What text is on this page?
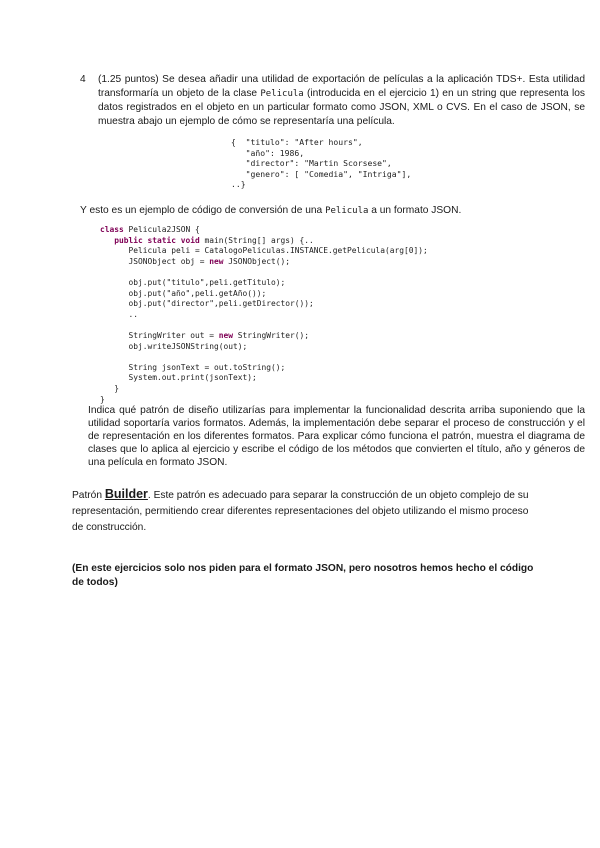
4 (1.25 puntos) Se desea añadir una utilidad de exportación de películas a la aplicación TDS+. Esta utilidad transformaría un objeto de la clase Pelicula (introducida en el ejercicio 1) en un string que representa los datos registrados en el objeto en un particular formato como JSON, XML o CVS. En el caso de JSON, se muestra abajo un ejemplo de cómo se representaría una película.
{  "titulo": "After hours",
"año": 1986,
"director": "Martin Scorsese",
"genero": [ "Comedia", "Intriga"],
..}
Y esto es un ejemplo de código de conversión de una Pelicula a un formato JSON.
class Pelicula2JSON {
public static void main(String[] args) {..
Pelicula peli = CatalogoPeliculas.INSTANCE.getPelicula(arg[0]);
JSONObject obj = new JSONObject();
obj.put("titulo",peli.getTitulo);
obj.put("año",peli.getAño());
obj.put("director",peli.getDirector());
..
StringWriter out = new StringWriter();
obj.writeJSONString(out);
String jsonText = out.toString();
System.out.print(jsonText);
}
}
Indica qué patrón de diseño utilizarías para implementar la funcionalidad descrita arriba suponiendo que la utilidad soportaría varios formatos. Además, la implementación debe separar el proceso de construcción y el de representación en los diferentes formatos. Para explicar cómo funciona el patrón, muestra el diagrama de clases que lo aplica al ejercicio y escribe el código de los métodos que convierten el título, año y géneros de una película en formato JSON.
Patrón Builder. Este patrón es adecuado para separar la construcción de un objeto complejo de su representación, permitiendo crear diferentes representaciones del objeto utilizando el mismo proceso de construcción.
(En este ejercicios solo nos piden para el formato JSON, pero nosotros hemos hecho el código de todos)
